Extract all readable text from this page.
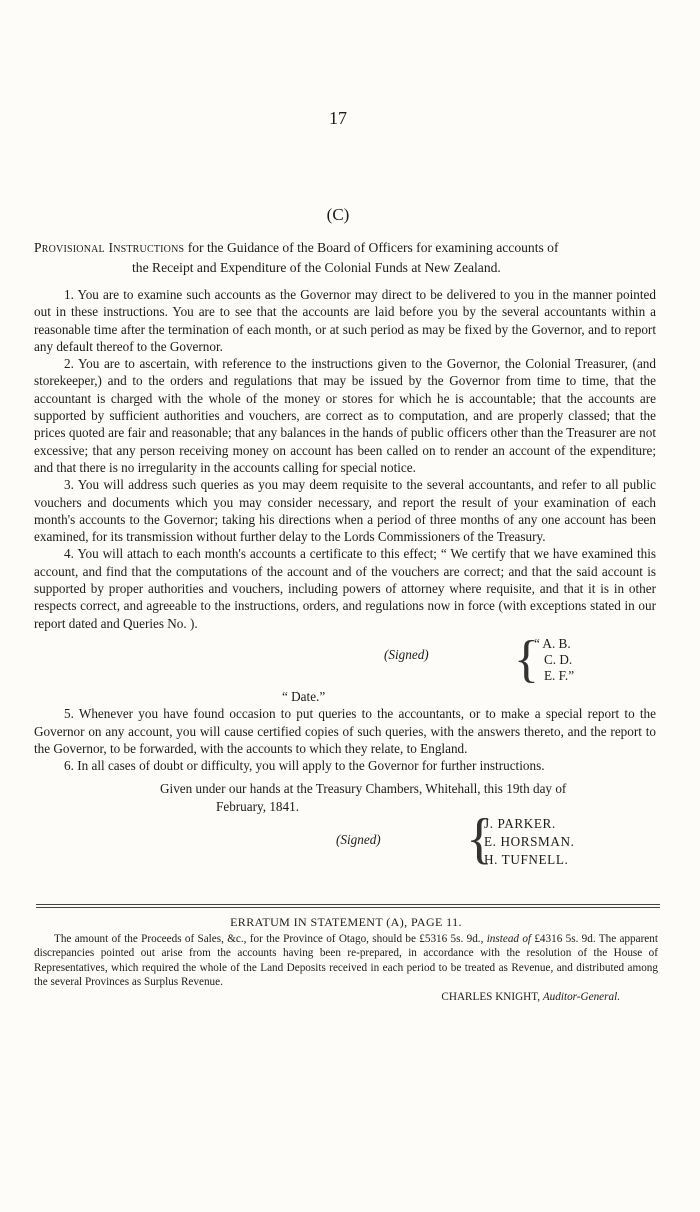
17
(C)
Provisional Instructions for the Guidance of the Board of Officers for examining accounts of
the Receipt and Expenditure of the Colonial Funds at New Zealand.

1. You are to examine such accounts as the Governor may direct to be delivered to you in the manner pointed out in these instructions. You are to see that the accounts are laid before you by the several accountants within a reasonable time after the termination of each month, or at such period as may be fixed by the Governor, and to report any default thereof to the Governor.

2. You are to ascertain, with reference to the instructions given to the Governor, the Colonial Treasurer, (and storekeeper,) and to the orders and regulations that may be issued by the Governor from time to time, that the accountant is charged with the whole of the money or stores for which he is accountable; that the accounts are supported by sufficient authorities and vouchers, are correct as to computation, and are properly classed; that the prices quoted are fair and reasonable; that any balances in the hands of public officers other than the Treasurer are not excessive; that any person receiving money on account has been called on to render an account of the expenditure; and that there is no irregularity in the accounts calling for special notice.

3. You will address such queries as you may deem requisite to the several accountants, and refer to all public vouchers and documents which you may consider necessary, and report the result of your examination of each month's accounts to the Governor; taking his directions when a period of three months of any one account has been examined, for its transmission without further delay to the Lords Commissioners of the Treasury.

4. You will attach to each month's accounts a certificate to this effect; “ We certify that we have examined this account, and find that the computations of the account and of the vouchers are correct; and that the said account is supported by proper authorities and vouchers, including powers of attorney where requisite, and that it is in other respects correct, and agreeable to the instructions, orders, and regulations now in force (with exceptions stated in our report dated and Queries No. ).

(Signed) {
“ A. B.
C. D.
E. F.”

“ Date.”

5. Whenever you have found occasion to put queries to the accountants, or to make a special report to the Governor on any account, you will cause certified copies of such queries, with the answers thereto, and the report to the Governor, to be forwarded, with the accounts to which they relate, to England.

6. In all cases of doubt or difficulty, you will apply to the Governor for further instructions.

Given under our hands at the Treasury Chambers, Whitehall, this 19th day of

February, 1841.

(Signed) {
J. PARKER.
E. HORSMAN.
H. TUFNELL.
ERRATUM IN STATEMENT (A), PAGE 11.

The amount of the Proceeds of Sales, &c., for the Province of Otago, should be £5316 5s. 9d., instead of £4316 5s. 9d. The apparent discrepancies pointed out arise from the accounts having been re-prepared, in accordance with the resolution of the House of Representatives, which required the whole of the Land Deposits received in each period to be treated as Revenue, and distributed among the several Provinces as Surplus Revenue.

CHARLES KNIGHT, Auditor-General.
